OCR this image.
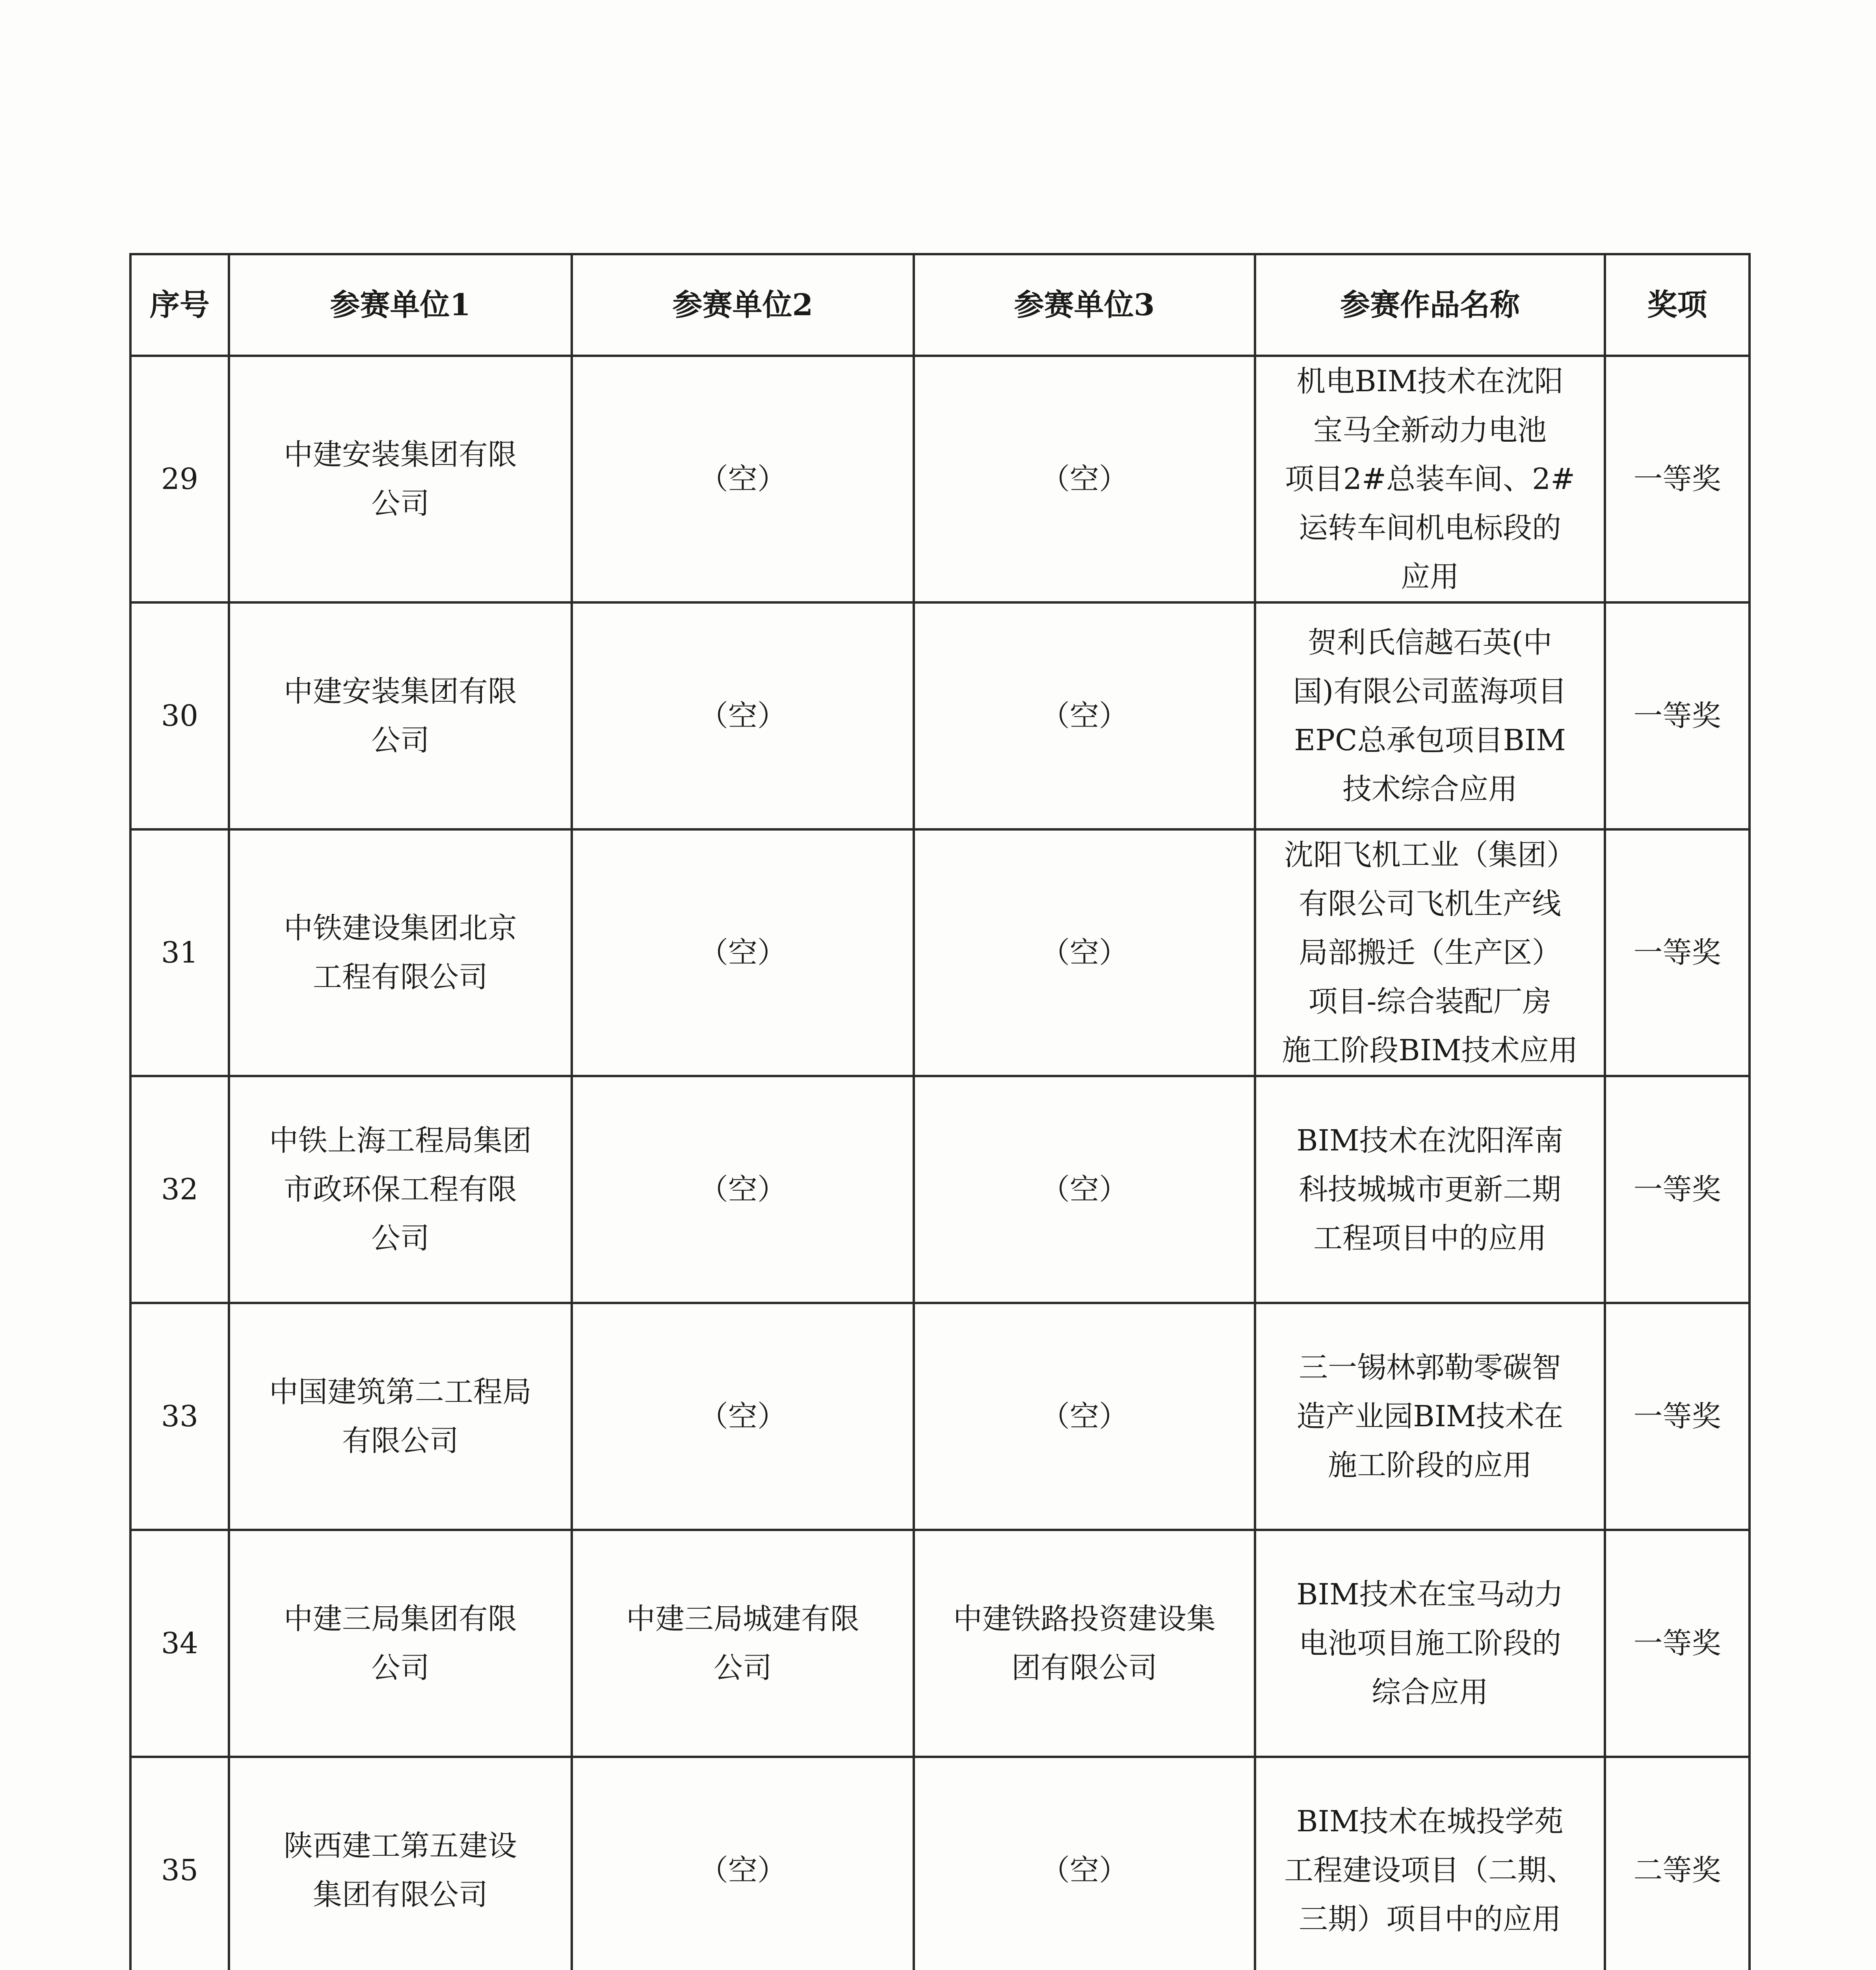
序号	参赛单位1	参赛单位2	参赛单位3	参赛作品名称	奖项

29	中建安装集团有限
公司	（空）	（空）	机电BIM技术在沈阳
宝马全新动力电池
项目2#总装车间、2#
运转车间机电标段的
应用	一等奖

30	中建安装集团有限
公司	（空）	（空）	贺利氏信越石英(中
国)有限公司蓝海项目
EPC总承包项目BIM
技术综合应用	一等奖

31	中铁建设集团北京
工程有限公司	（空）	（空）	沈阳飞机工业（集团）
有限公司飞机生产线
局部搬迁（生产区）
项目-综合装配厂房
施工阶段BIM技术应用	一等奖

32	中铁上海工程局集团
市政环保工程有限
公司	（空）	（空）	BIM技术在沈阳浑南
科技城城市更新二期
工程项目中的应用	一等奖

33	中国建筑第二工程局
有限公司	（空）	（空）	三一锡林郭勒零碳智
造产业园BIM技术在
施工阶段的应用	一等奖

34	中建三局集团有限
公司	中建三局城建有限
公司	中建铁路投资建设集
团有限公司	BIM技术在宝马动力
电池项目施工阶段的
综合应用	一等奖

35	陕西建工第五建设
集团有限公司	（空）	（空）	BIM技术在城投学苑
工程建设项目（二期、
三期）项目中的应用	二等奖
